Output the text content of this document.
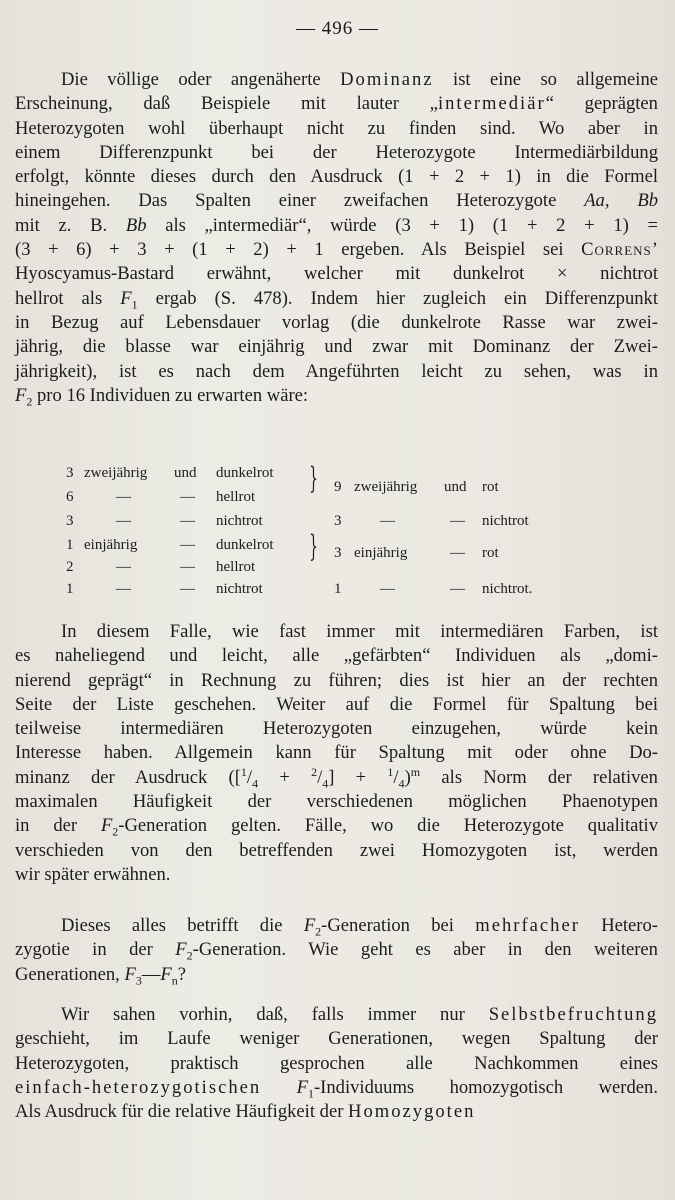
— 496 —
Die völlige oder angenäherte Dominanz ist eine so allgemeine
Erscheinung, daß Beispiele mit lauter „intermediär“ geprägten
Heterozygoten wohl überhaupt nicht zu finden sind. Wo aber in
einem Differenzpunkt bei der Heterozygote Intermediärbildung
erfolgt, könnte dieses durch den Ausdruck (1 + 2 + 1) in die Formel
hineingehen. Das Spalten einer zweifachen Heterozygote Aa, Bb
mit z. B. Bb als „intermediär“, würde (3 + 1) (1 + 2 + 1) =
(3 + 6) + 3 + (1 + 2) + 1 ergeben. Als Beispiel sei Correns’
Hyoscyamus-Bastard erwähnt, welcher mit dunkelrot × nichtrot
hellrot als $F_1$ ergab (S. 478). Indem hier zugleich ein Differenzpunkt
in Bezug auf Lebensdauer vorlag (die dunkelrote Rasse war zwei-
jährig, die blasse war einjährig und zwar mit Dominanz der Zwei-
jährigkeit), ist es nach dem Angeführten leicht zu sehen, was in
$F_2$ pro 16 Individuen zu erwarten wäre:
3 zweijährig und dunkelrot
6	—	— hellrot
3	—	— nichtrot
1 einjährig	— dunkelrot
2	—	— hellrot
1	—	— nichtrot
9 zweijährig und rot
3	—	— nichtrot
3 einjährig	— rot
1	—	— nichtrot.
}
}
In diesem Falle, wie fast immer mit intermediären Farben, ist
es naheliegend und leicht, alle „gefärbten“ Individuen als „domi-
nierend geprägt“ in Rechnung zu führen; dies ist hier an der rechten
Seite der Liste geschehen. Weiter auf die Formel für Spaltung bei
teilweise intermediären Heterozygoten einzugehen, würde kein
Interesse haben. Allgemein kann für Spaltung mit oder ohne Do-
minanz der Ausdruck $([^1/_4 + ^2/_4] + ^1/_4)^m$ als Norm der relativen
maximalen Häufigkeit der verschiedenen möglichen Phaenotypen
in der $F_2$-Generation gelten. Fälle, wo die Heterozygote qualitativ
verschieden von den betreffenden zwei Homozygoten ist, werden
wir später erwähnen.
Dieses alles betrifft die $F_2$-Generation bei mehrfacher Hetero-
zygotie in der $F_2$-Generation. Wie geht es aber in den weiteren
Generationen, $F_3—F_n$?
Wir sahen vorhin, daß, falls immer nur Selbstbefruchtung
geschieht, im Laufe weniger Generationen, wegen Spaltung der
Heterozygoten, praktisch gesprochen alle Nachkommen eines
einfach-heterozygotischen $F_1$-Individuums homozygotisch werden.
Als Ausdruck für die relative Häufigkeit der Homozygoten
